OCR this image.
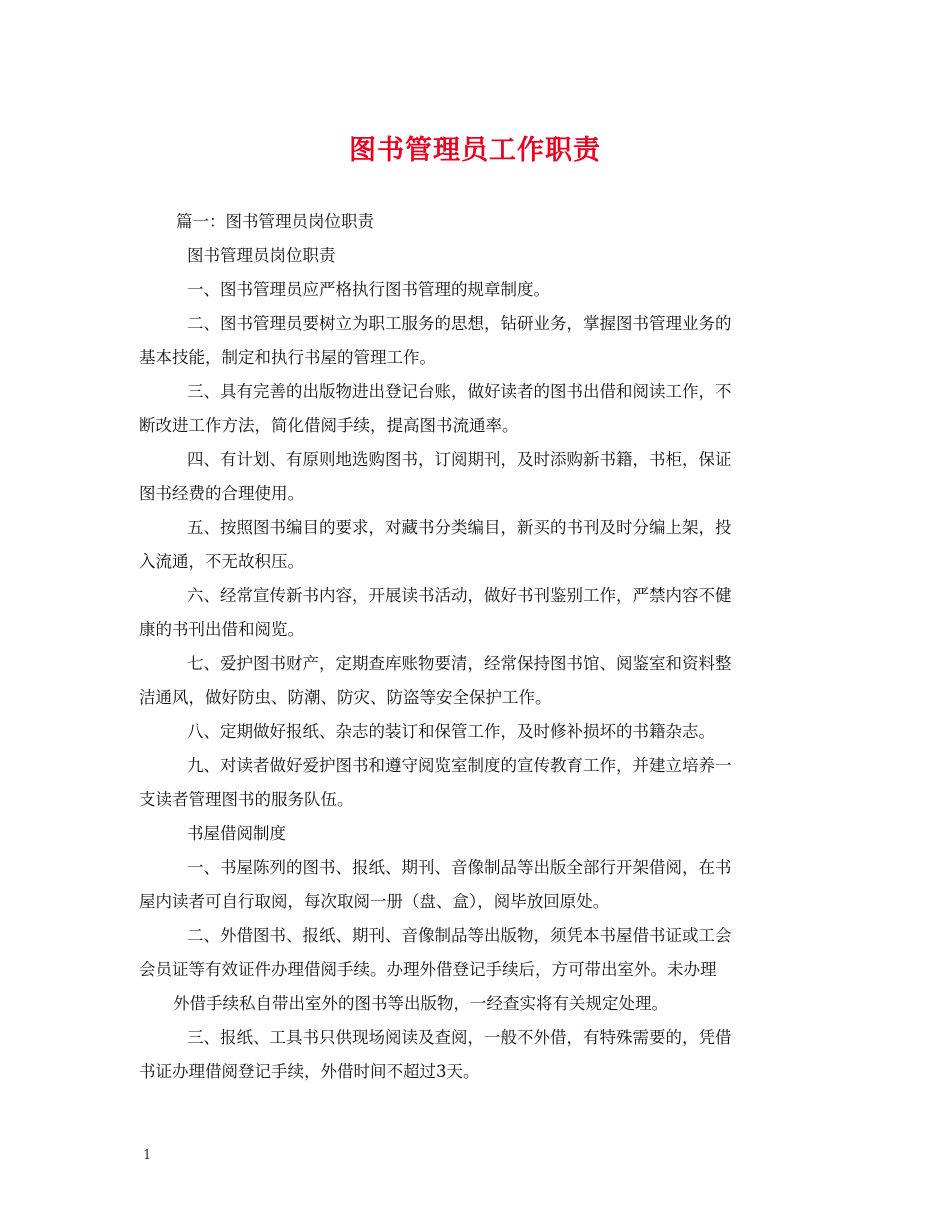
图书管理员工作职责
篇一：图书管理员岗位职责
图书管理员岗位职责
一、图书管理员应严格执行图书管理的规章制度。
二、图书管理员要树立为职工服务的思想，钻研业务，掌握图书管理业务的
基本技能，制定和执行书屋的管理工作。
三、具有完善的出版物进出登记台账，做好读者的图书出借和阅读工作，不
断改进工作方法，简化借阅手续，提高图书流通率。
四、有计划、有原则地选购图书，订阅期刊，及时添购新书籍，书柜，保证
图书经费的合理使用。
五、按照图书编目的要求，对藏书分类编目，新买的书刊及时分编上架，投
入流通，不无故积压。
六、经常宣传新书内容，开展读书活动，做好书刊鉴别工作，严禁内容不健
康的书刊出借和阅览。
七、爱护图书财产，定期查库账物要清，经常保持图书馆、阅鉴室和资料整
洁通风，做好防虫、防潮、防灾、防盗等安全保护工作。
八、定期做好报纸、杂志的装订和保管工作，及时修补损坏的书籍杂志。
九、对读者做好爱护图书和遵守阅览室制度的宣传教育工作，并建立培养一
支读者管理图书的服务队伍。
书屋借阅制度
一、书屋陈列的图书、报纸、期刊、音像制品等出版全部行开架借阅，在书
屋内读者可自行取阅，每次取阅一册（盘、盒），阅毕放回原处。
二、外借图书、报纸、期刊、音像制品等出版物，须凭本书屋借书证或工会
会员证等有效证件办理借阅手续。办理外借登记手续后，方可带出室外。未办理
外借手续私自带出室外的图书等出版物，一经查实将有关规定处理。
三、报纸、工具书只供现场阅读及查阅，一般不外借，有特殊需要的，凭借
书证办理借阅登记手续，外借时间不超过3天。
1
